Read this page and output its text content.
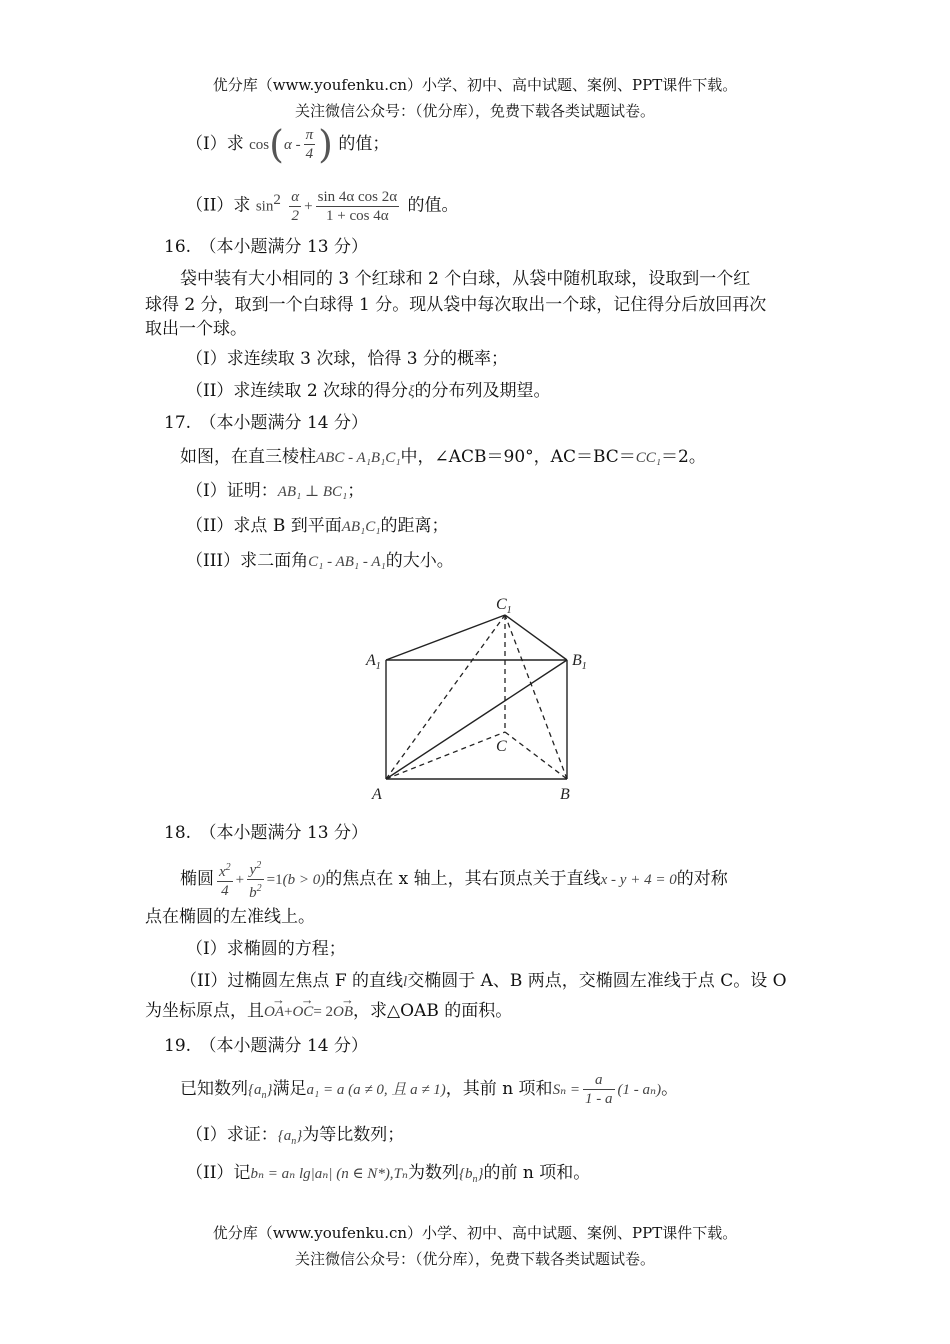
优分库（www.youfenku.cn）小学、初中、高中试题、案例、PPT课件下载。
关注微信公众号：（优分库），免费下载各类试题试卷。
（I）求 $\cos(\alpha - \frac{\pi}{4}$ ) 的值；
（II）求 $\sin^2 \frac{\alpha}{2} + \frac{\text{sin 4α cos 2α}}{1 + \cos 4\alpha}$ 的值。
16.　（本小题满分 13 分）
袋中装有大小相同的 3 个红球和 2 个白球，从袋中随机取球，设取到一个红
球得 2 分，取到一个白球得 1 分。现从袋中每次取出一个球，记住得分后放回再次
取出一个球。
（I）求连续取 3 次球，恰得 3 分的概率；
（II）求连续取 2 次球的得分ξ的分布列及期望。
17.　（本小题满分 14 分）
如图，在直三棱柱ABC - A₁B₁C₁中，∠ACB＝90°，AC＝BC＝CC₁＝2。
（I）证明：AB₁ ⊥ BC₁；
（II）求点 B 到平面AB₁C₁的距离；
（III）求二面角C₁ - AB₁ - A₁的大小。
$C_1$
$A_1$	$B_1$
C
A	B
18.　（本小题满分 13 分）
椭圆 $\frac{x^2}{4} + \frac{y^2}{b^2} =1(b > 0)$的焦点在 x 轴上，其右顶点关于直线x - y + 4 = 0的对称
点在椭圆的左准线上。
（I）求椭圆的方程；
（II）过椭圆左焦点 F 的直线l交椭圆于 A、B 两点，交椭圆左准线于点 C。设 O
为坐标原点，且→ OA+→ OC= 2→ OB，求△OAB 的面积。
19.　（本小题满分 14 分）
已知数列$\{a_n\}$满足a₁ = a (a ≠ 0, 且 a ≠ 1)，其前 n 项和$S_n = \frac{a}{1 - a} (1 - a_n)$。
（I）求证：$\{a_n\}$为等比数列；
（II）记bₙ = aₙ lg|aₙ| (n ∈ N*),Tₙ为数列$\{b_n\}$的前 n 项和。
优分库（www.youfenku.cn）小学、初中、高中试题、案例、PPT课件下载。
关注微信公众号：（优分库），免费下载各类试题试卷。
